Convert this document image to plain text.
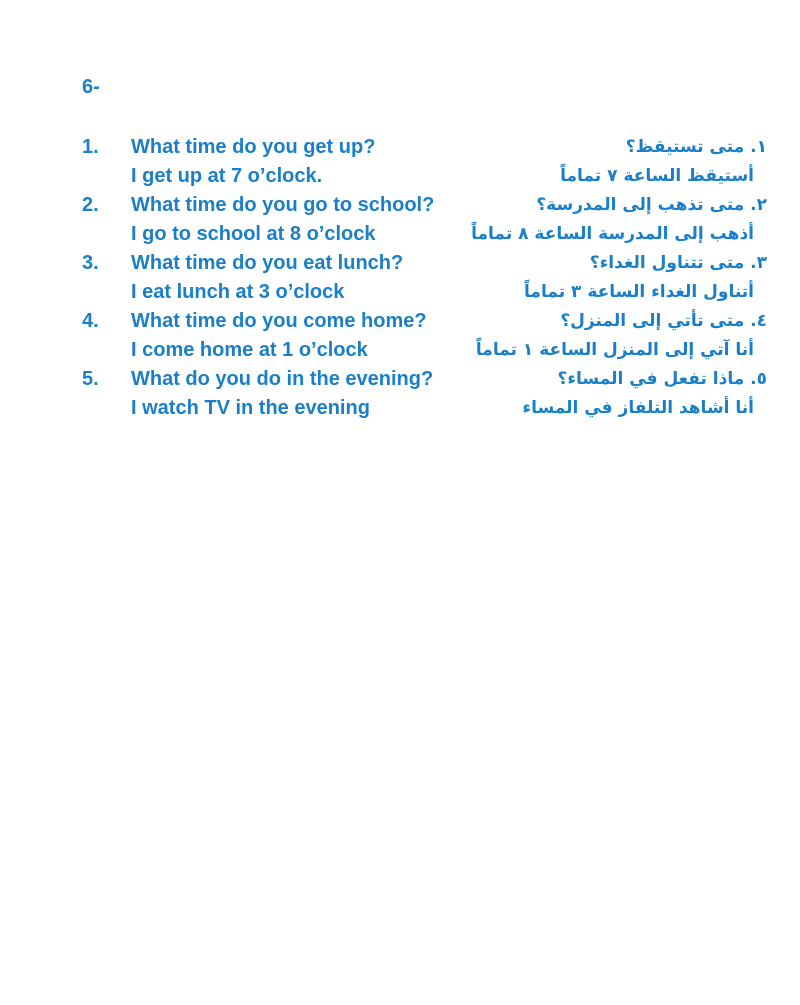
6-
1. What time do you get up?	١. متى تستيقظ؟
I get up at 7 o’clock.	أستيقظ الساعة ٧ تماماً
2. What time do you go to school?	٢. متى تذهب إلى المدرسة؟
I go to school at 8 o’clock	أذهب إلى المدرسة الساعة ٨ تماماً
3. What time do you eat lunch?	٣. متى تتناول الغداء؟
I eat lunch at 3 o’clock	أتناول الغداء الساعة ٣ تماماً
4. What time do you come home?	٤. متى تأتي إلى المنزل؟
I come home at 1 o’clock	أنا آتي إلى المنزل الساعة ١ تماماً
5. What do you do in the evening?	٥. ماذا تفعل في المساء؟
I watch TV in the evening	أنا أشاهد التلفاز في المساء
